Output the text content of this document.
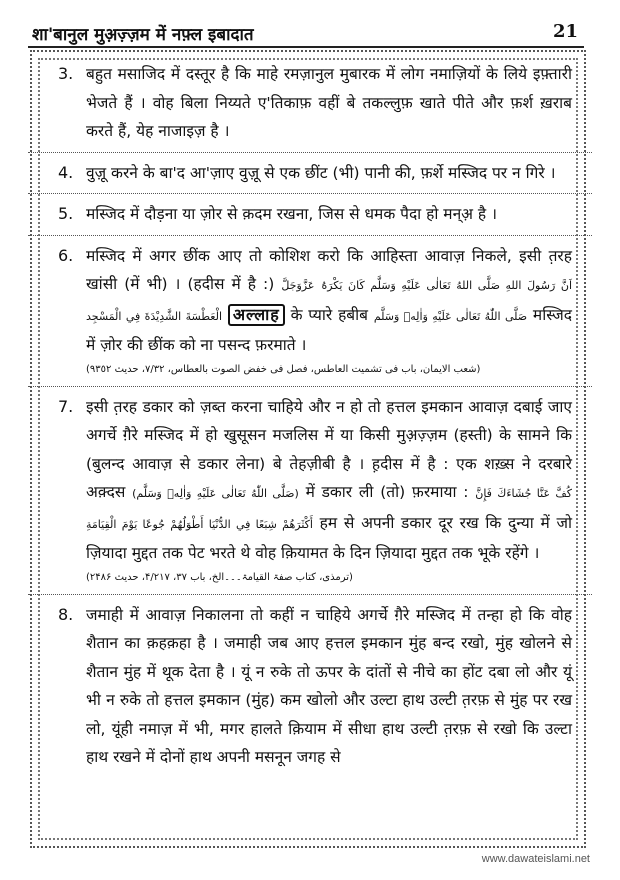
शा'बानुल मुअ़ज़्ज़म में नफ़्ल इबादात	21
3. बहुत मसाजिद में दस्तूर है कि माहे रमज़ानुल मुबारक में लोग नमाज़ियों के लिये इफ़्तारी भेजते हैं । वोह बिला निय्यते ए'तिकाफ़ वहीं बे तकल्लुफ़ खाते पीते और फ़र्श ख़राब करते हैं, येह नाजाइज़ है ।
4. वुज़ू करने के बा'द आ'ज़ाए वुज़ू से एक छींट (भी) पानी की, फ़र्शे मस्जिद पर न गिरे ।
5. मस्जिद में दौड़ना या ज़ोर से क़दम रखना, जिस से धमक पैदा हो मन्अ़ है ।
6. मस्जिद में अगर छींक आए तो कोशिश करो कि आहिस्ता आवाज़ निकले, इसी त़रह खांसी (में भी) । (हदीस में है :) عَزَّوَجَلَّ اَنَّ رَسُولَ اللهِ صَلَّى اللهُ تَعَالٰى عَلَيْهِ وَسَلَّم كَانَ يَكْرَهُ الْعَطْسَةَ الشَّدِيْدَةَ فِي الْمَسْجِد अल्लाह के प्यारे हबीब صَلَّى اللّٰهُ تَعَالٰى عَلَيْهِ وَاٰلِهٖ وَسَلَّم मस्जिद में ज़ोर की छींक को ना पसन्द फ़रमाते ।
(شعب الایمان، باب فی تشمیت العاطس، فصل فی خفض الصوت بالعطاس، ٧/٣٢، حدیث ٩٣٥٢)
7. इसी त़रह डकार को ज़ब्त करना चाहिये और न हो तो हत्तल इमकान आवाज़ दबाई जाए अगर्चे ग़ैरे मस्जिद में हो खुसूसन मजलिस में या किसी मुअ़ज़्ज़म (हस्ती) के सामने कि (बुलन्द आवाज़ से डकार लेना) बे तेहज़ीबी है । ह़दीस में है : एक शख़्स ने दरबारे अक़्दस (صَلَّى اللّٰهُ تَعَالٰى عَلَيْهِ وَاٰلِهٖ وَسَلَّم) में डकार ली (तो) फ़रमाया : كُفَّ عَنَّا جُشَاءَكَ فَإِنَّ أَكْثَرَهُمْ شِبَعًا فِي الدُّنْيَا أَطْوَلُهُمْ جُوعًا يَوْمَ الْقِيَامَةِ हम से अपनी डकार दूर रख कि दुन्या में जो ज़ियादा मुद्दत तक पेट भरते थे वोह क़ियामत के दिन ज़ियादा मुद्दत तक भूके रहेंगे ।
(ترمذی، کتاب صفۃ القیامۃ۔۔۔الخ، باب ۳۷، ۴/۲۱۷، حدیث ۲۴۸۶)
8. जमाही में आवाज़ निकालना तो कहीं न चाहिये अगर्चे ग़ैरे मस्जिद में तन्हा हो कि वोह शैतान का क़हक़हा है । जमाही जब आए हत्तल इमकान मुंह बन्द रखो, मुंह खोलने से शैतान मुंह में थूक देता है । यूं न रुके तो ऊपर के दांतों से नीचे का होंट दबा लो और यूं भी न रुके तो हत्तल इमकान (मुंह) कम खोलो और उल्टा हाथ उल्टी त़रफ़ से मुंह पर रख लो, यूंही नमाज़ में भी, मगर हालते क़ियाम में सीधा हाथ उल्टी त़रफ़ से रखो कि उल्टा हाथ रखने में दोनों हाथ अपनी मसनून जगह से
www.dawateislami.net
